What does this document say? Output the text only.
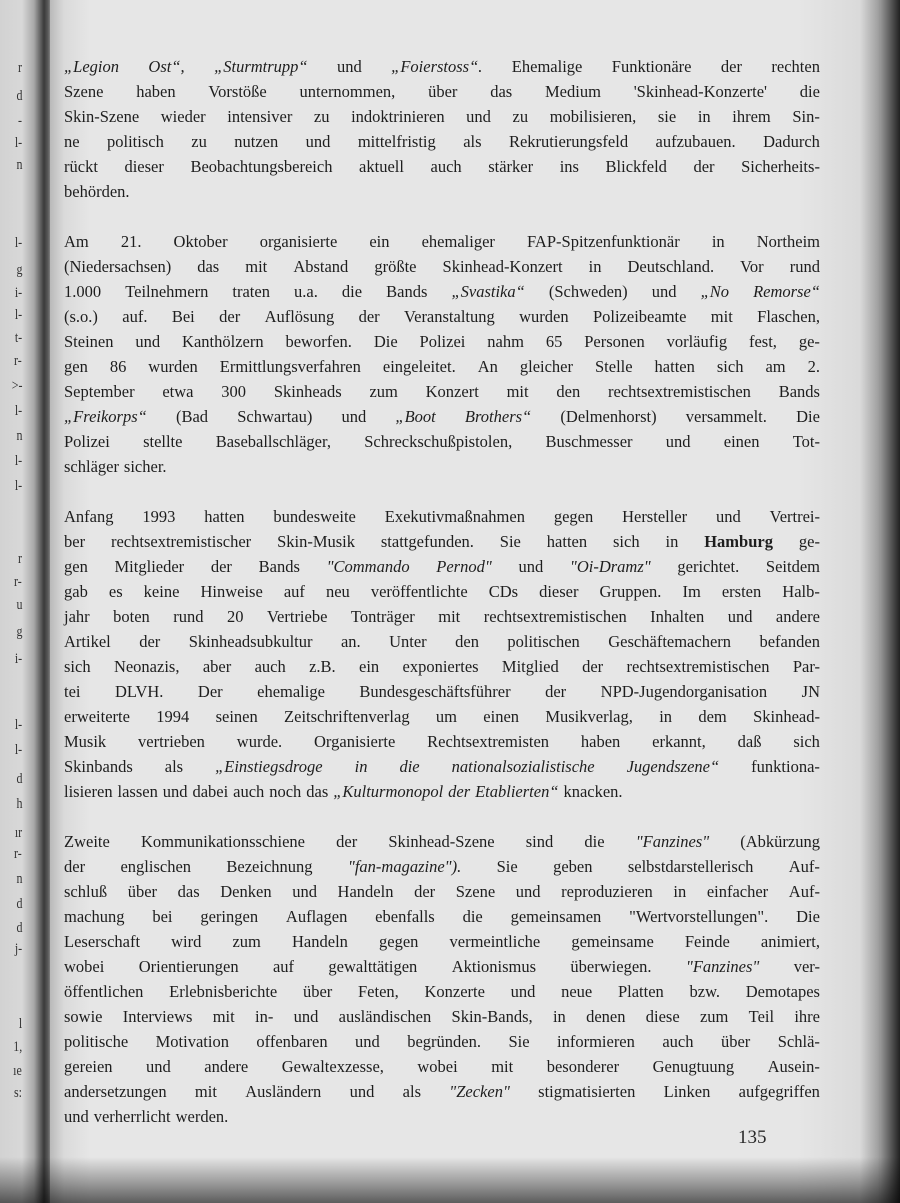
r
d
-
l-
n
l-
g
i-
l-
t-
r-
>-
l-
n
l-
l-
r
r-
u
g
i-
l-
l-
d
h
ır
r-
n
d
d
j-
l
1,
ıe
s:
„Legion Ost“, „Sturmtrupp“ und „Foierstoss“. Ehemalige Funktionäre der rechten
Szene haben Vorstöße unternommen, über das Medium 'Skinhead-Konzerte' die
Skin-Szene wieder intensiver zu indoktrinieren und zu mobilisieren, sie in ihrem Sin-
ne politisch zu nutzen und mittelfristig als Rekrutierungsfeld aufzubauen. Dadurch
rückt dieser Beobachtungsbereich aktuell auch stärker ins Blickfeld der Sicherheits-
behörden.
Am 21. Oktober organisierte ein ehemaliger FAP-Spitzenfunktionär in Northeim
(Niedersachsen) das mit Abstand größte Skinhead-Konzert in Deutschland. Vor rund
1.000 Teilnehmern traten u.a. die Bands „Svastika“ (Schweden) und „No Remorse“
(s.o.) auf. Bei der Auflösung der Veranstaltung wurden Polizeibeamte mit Flaschen,
Steinen und Kanthölzern beworfen. Die Polizei nahm 65 Personen vorläufig fest, ge-
gen 86 wurden Ermittlungsverfahren eingeleitet. An gleicher Stelle hatten sich am 2.
September etwa 300 Skinheads zum Konzert mit den rechtsextremistischen Bands
„Freikorps“ (Bad Schwartau) und „Boot Brothers“ (Delmenhorst) versammelt. Die
Polizei stellte Baseballschläger, Schreckschußpistolen, Buschmesser und einen Tot-
schläger sicher.
Anfang 1993 hatten bundesweite Exekutivmaßnahmen gegen Hersteller und Vertrei-
ber rechtsextremistischer Skin-Musik stattgefunden. Sie hatten sich in Hamburg ge-
gen Mitglieder der Bands "Commando Pernod" und "Oi-Dramz" gerichtet. Seitdem
gab es keine Hinweise auf neu veröffentlichte CDs dieser Gruppen. Im ersten Halb-
jahr boten rund 20 Vertriebe Tonträger mit rechtsextremistischen Inhalten und andere
Artikel der Skinheadsubkultur an. Unter den politischen Geschäftemachern befanden
sich Neonazis, aber auch z.B. ein exponiertes Mitglied der rechtsextremistischen Par-
tei DLVH. Der ehemalige Bundesgeschäftsführer der NPD-Jugendorganisation JN
erweiterte 1994 seinen Zeitschriftenverlag um einen Musikverlag, in dem Skinhead-
Musik vertrieben wurde. Organisierte Rechtsextremisten haben erkannt, daß sich
Skinbands als „Einstiegsdroge in die nationalsozialistische Jugendszene“ funktiona-
lisieren lassen und dabei auch noch das „Kulturmonopol der Etablierten“ knacken.
Zweite Kommunikationsschiene der Skinhead-Szene sind die "Fanzines" (Abkürzung
der englischen Bezeichnung "fan-magazine"). Sie geben selbstdarstellerisch Auf-
schluß über das Denken und Handeln der Szene und reproduzieren in einfacher Auf-
machung bei geringen Auflagen ebenfalls die gemeinsamen "Wertvorstellungen". Die
Leserschaft wird zum Handeln gegen vermeintliche gemeinsame Feinde animiert,
wobei Orientierungen auf gewalttätigen Aktionismus überwiegen. "Fanzines" ver-
öffentlichen Erlebnisberichte über Feten, Konzerte und neue Platten bzw. Demotapes
sowie Interviews mit in- und ausländischen Skin-Bands, in denen diese zum Teil ihre
politische Motivation offenbaren und begründen. Sie informieren auch über Schlä-
gereien und andere Gewaltexzesse, wobei mit besonderer Genugtuung Ausein-
andersetzungen mit Ausländern und als "Zecken" stigmatisierten Linken aufgegriffen
und verherrlicht werden.
135
